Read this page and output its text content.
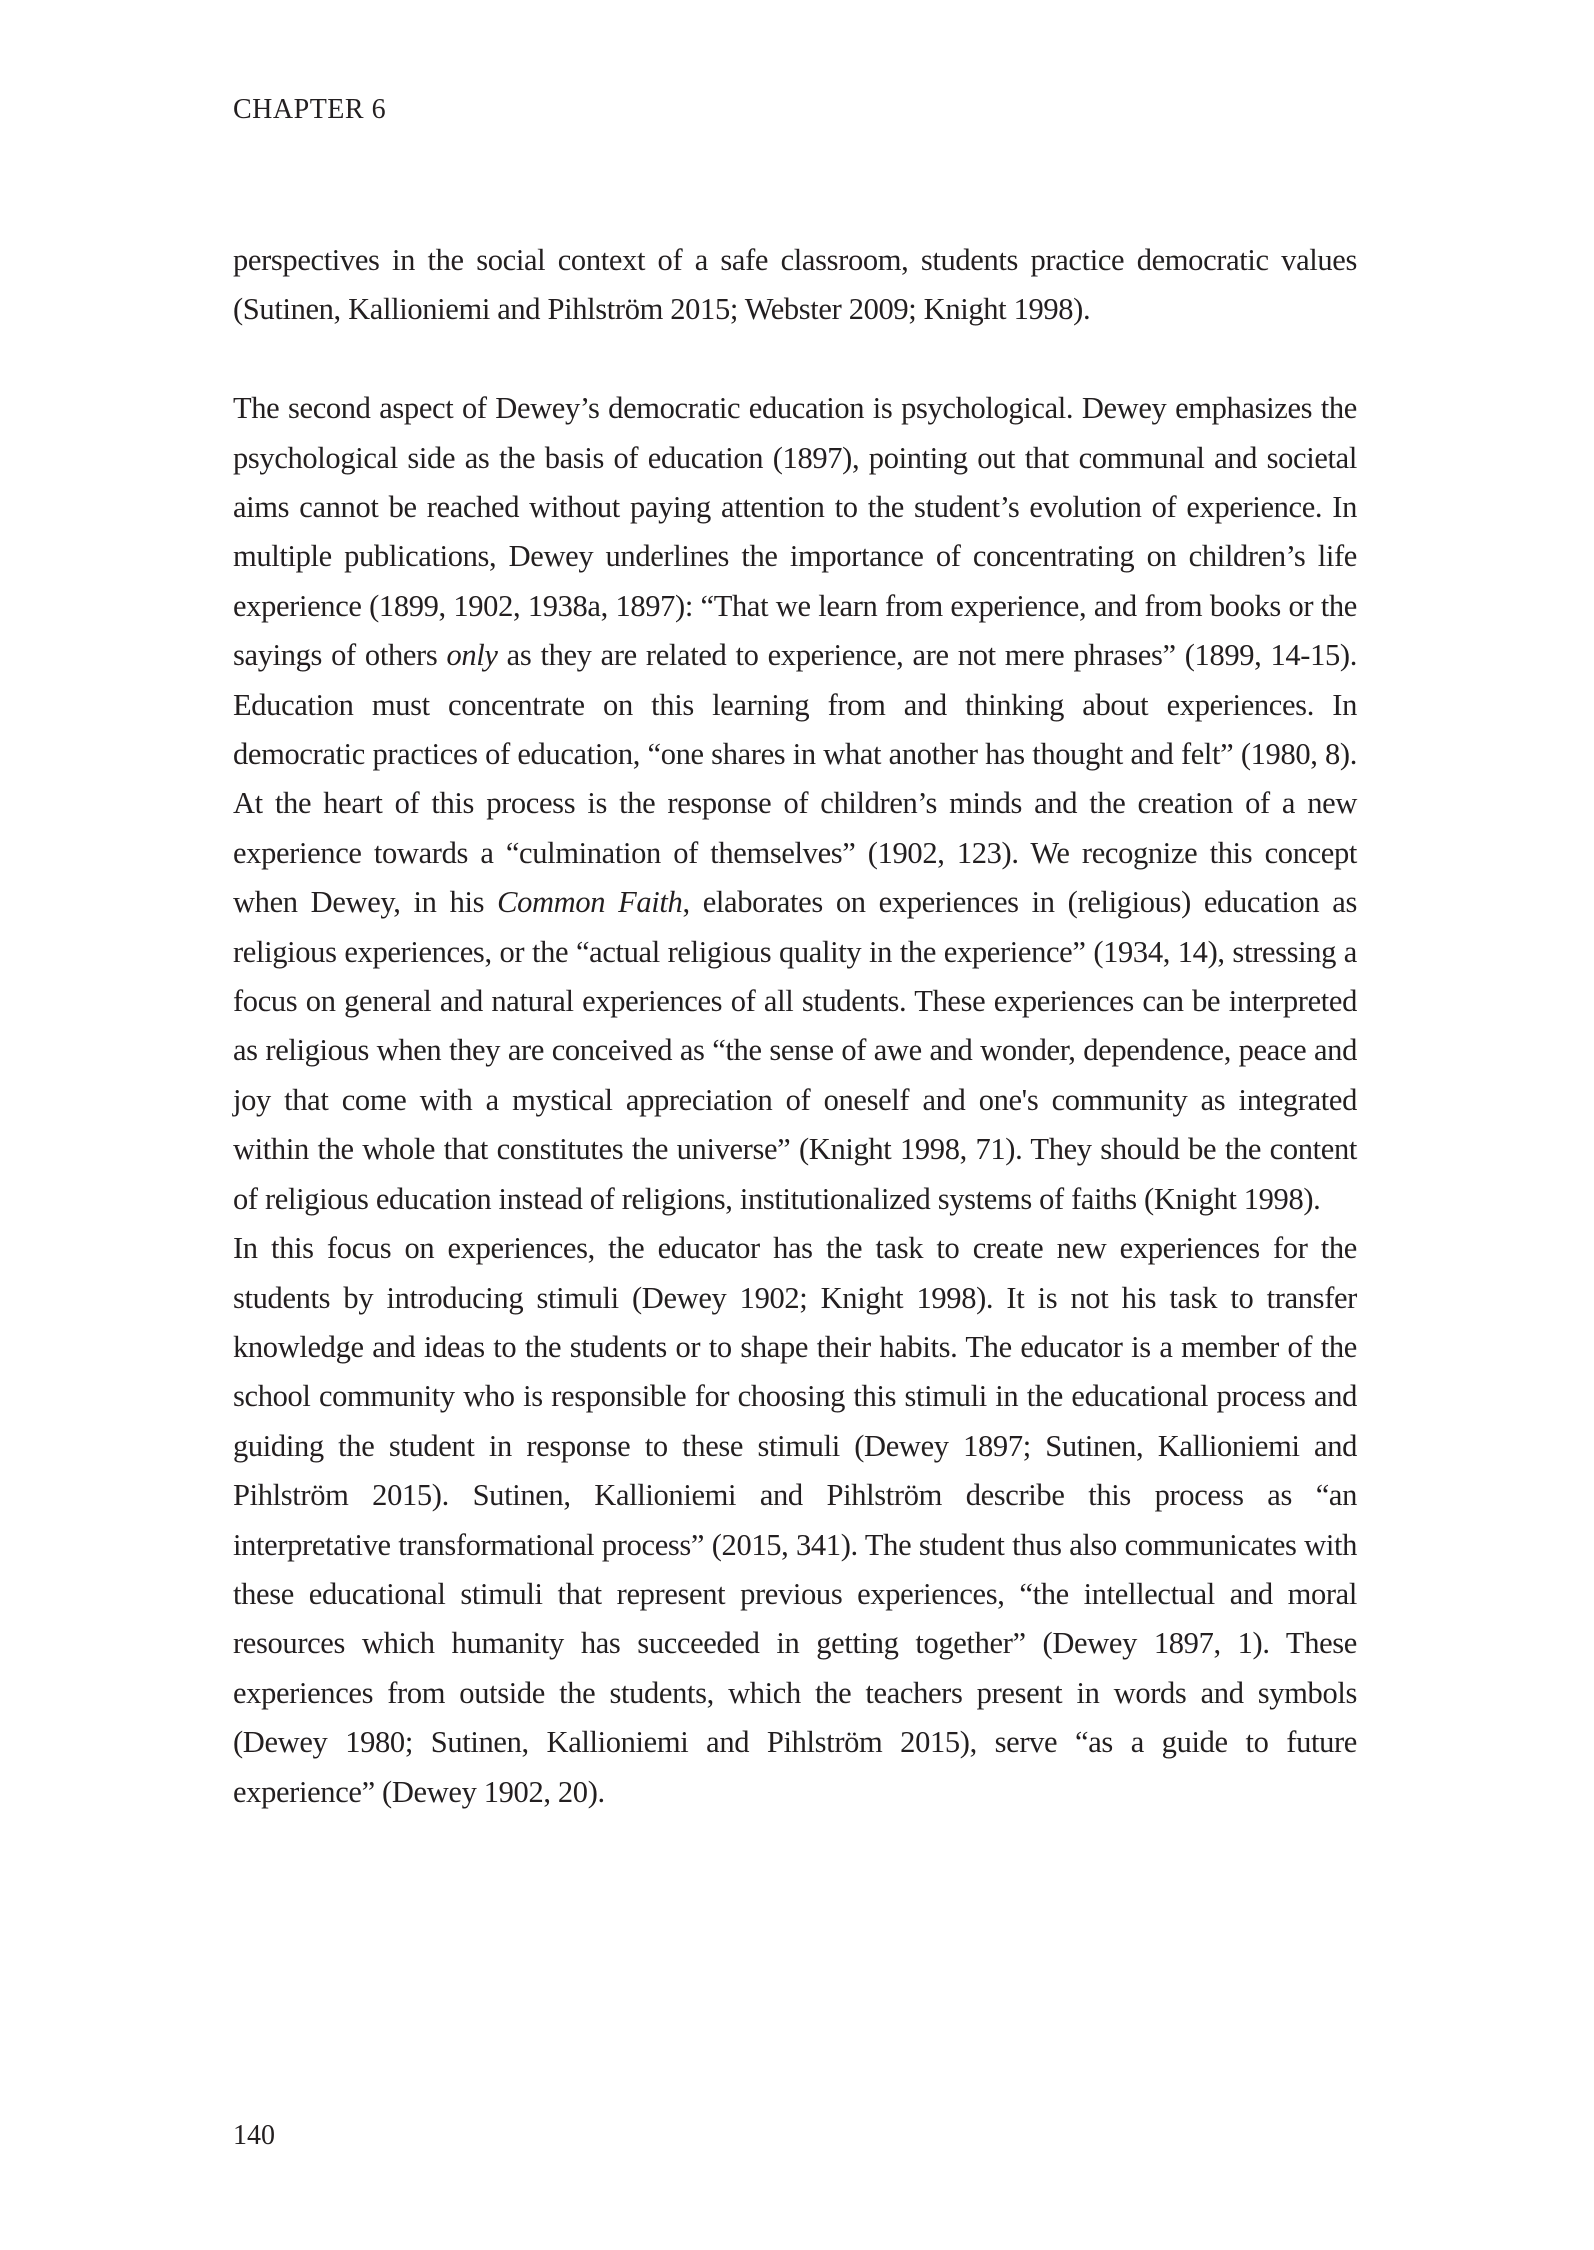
CHAPTER 6

perspectives in the social context of a safe classroom, students practice democratic values (Sutinen, Kallioniemi and Pihlström 2015; Webster 2009; Knight 1998).

The second aspect of Dewey’s democratic education is psychological. Dewey emphasizes the psychological side as the basis of education (1897), pointing out that communal and societal aims cannot be reached without paying attention to the student’s evolution of experience. In multiple publications, Dewey underlines the importance of concentrating on children’s life experience (1899, 1902, 1938a, 1897): “That we learn from experience, and from books or the sayings of others only as they are related to experience, are not mere phrases” (1899, 14-15). Education must concentrate on this learning from and thinking about experiences. In democratic practices of education, “one shares in what another has thought and felt” (1980, 8). At the heart of this process is the response of children’s minds and the creation of a new experience towards a “culmination of themselves” (1902, 123). We recognize this concept when Dewey, in his Common Faith, elaborates on experiences in (religious) education as religious experiences, or the “actual religious quality in the experience” (1934, 14), stressing a focus on general and natural experiences of all students. These experiences can be interpreted as religious when they are conceived as “the sense of awe and wonder, dependence, peace and joy that come with a mystical appreciation of oneself and one's community as integrated within the whole that constitutes the universe” (Knight 1998, 71). They should be the content of religious education instead of religions, institutionalized systems of faiths (Knight 1998).

In this focus on experiences, the educator has the task to create new experiences for the students by introducing stimuli (Dewey 1902; Knight 1998). It is not his task to transfer knowledge and ideas to the students or to shape their habits. The educator is a member of the school community who is responsible for choosing this stimuli in the educational process and guiding the student in response to these stimuli (Dewey 1897; Sutinen, Kallioniemi and Pihlström 2015). Sutinen, Kallioniemi and Pihlström describe this process as “an interpretative transformational process” (2015, 341). The student thus also communicates with these educational stimuli that represent previous experiences, “the intellectual and moral resources which humanity has succeeded in getting together” (Dewey 1897, 1). These experiences from outside the students, which the teachers present in words and symbols (Dewey 1980; Sutinen, Kallioniemi and Pihlström 2015), serve “as a guide to future experience” (Dewey 1902, 20).

140
